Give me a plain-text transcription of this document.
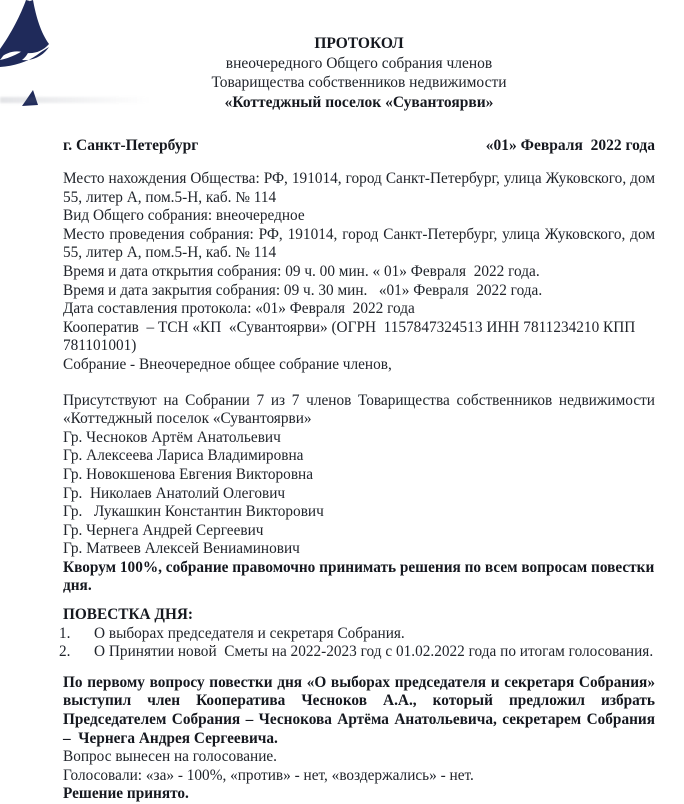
ПРОТОКОЛ
внеочередного Общего собрания членов
Товарищества собственников недвижимости
«Коттеджный поселок «Сувантоярви»
г. Санкт-Петербург	«01» Февраля  2022 года

Место нахождения Общества: РФ, 191014, город Санкт-Петербург, улица Жуковского, дом 55, литер А, пом.5-Н, каб. № 114

Вид Общего собрания: внеочередное

Место проведения собрания: РФ, 191014, город Санкт-Петербург, улица Жуковского, дом 55, литер А, пом.5-Н, каб. № 114

Время и дата открытия собрания: 09 ч. 00 мин. « 01» Февраля  2022 года.

Время и дата закрытия собрания: 09 ч. 30 мин.   «01» Февраля  2022 года.

Дата составления протокола: «01» Февраля  2022 года

Кооператив  – ТСН «КП  «Сувантоярви» (ОГРН  1157847324513 ИНН 7811234210 КПП 781101001)

Собрание - Внеочередное общее собрание членов,

Присутствуют на Собрании 7 из 7 членов Товарищества собственников недвижимости «Коттеджный поселок «Сувантоярви»

Гр. Чесноков Артём Анатольевич

Гр. Алексеева Лариса Владимировна

Гр. Новокшенова Евгения Викторовна

Гр.  Николаев Анатолий Олегович

Гр.   Лукашкин Константин Викторович

Гр. Чернега Андрей Сергеевич

Гр. Матвеев Алексей Вениаминович

Кворум 100%, собрание правомочно принимать решения по всем вопросам повестки дня.

ПОВЕСТКА ДНЯ:

1.	О выборах председателя и секретаря Собрания.
2.	О Принятии новой  Сметы на 2022-2023 год с 01.02.2022 года по итогам голосования.

По первому вопросу повестки дня «О выборах председателя и секретаря Собрания» выступил член Кооператива Чесноков А.А., который предложил избрать Председателем Собрания – Чеснокова Артёма Анатольевича, секретарем Собрания –  Чернега Андрея Сергеевича.

Вопрос вынесен на голосование.

Голосовали: «за» - 100%, «против» - нет, «воздержались» - нет.

Решение принято.
